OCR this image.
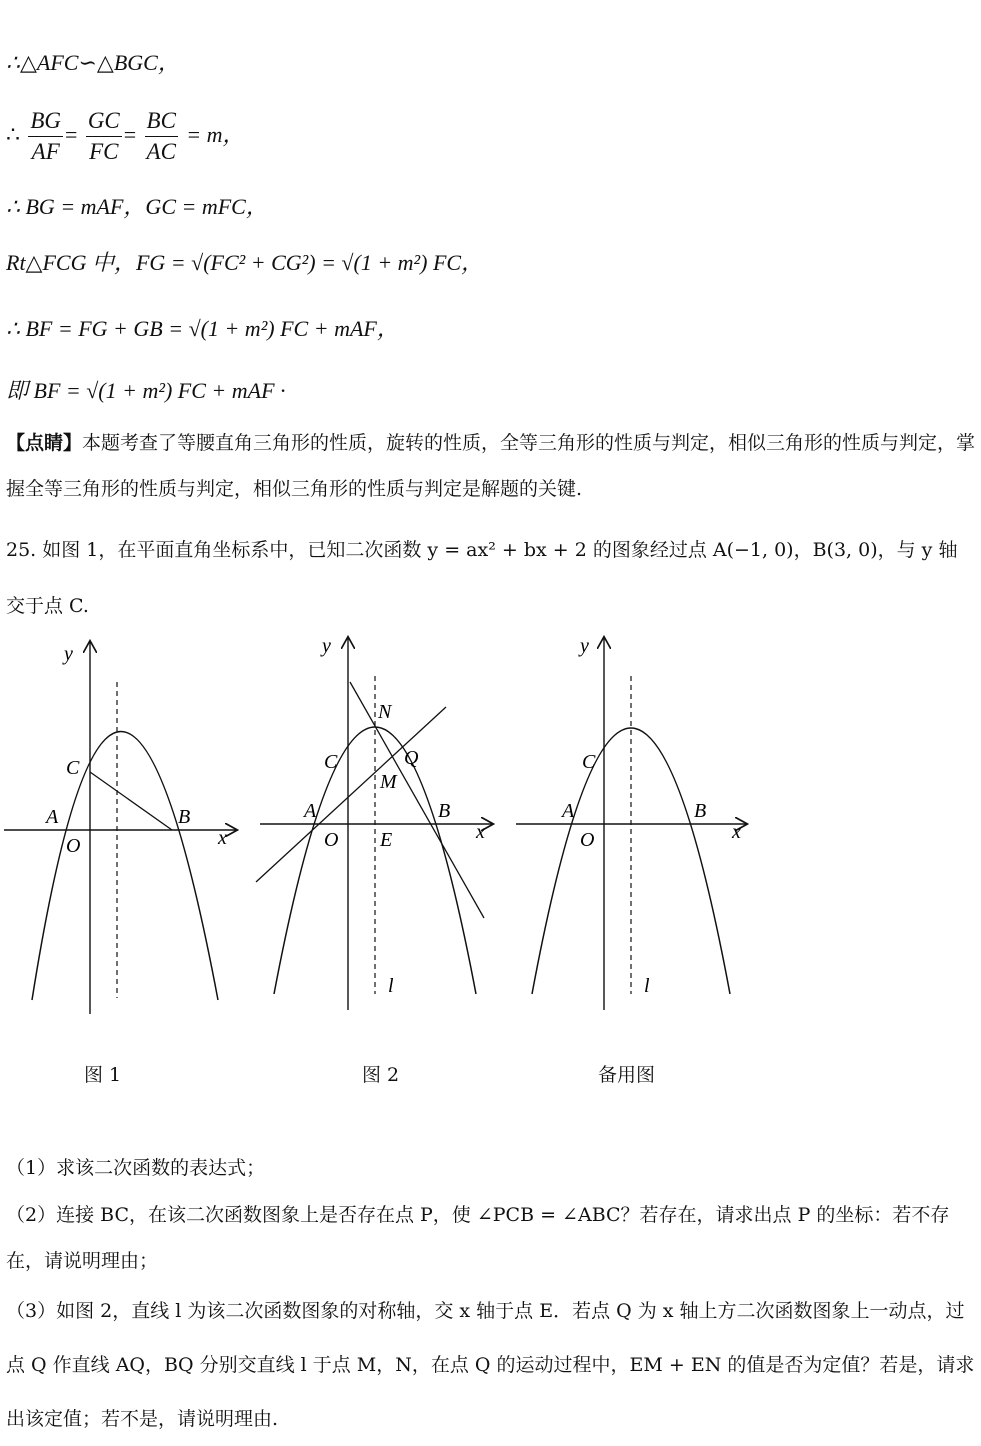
∴△AFC∽△BGC，
∴ $\frac{BG}{AF} = \frac{GC}{FC} = \frac{BC}{AC} = m$，
∴ BG = mAF，GC = mFC，
Rt△FCG 中，FG = √(FC² + CG²) = √(1 + m²) FC，
∴ BF = FG + GB = √(1 + m²) FC + mAF，
即 BF = √(1 + m²) FC + mAF ·
【点睛】本题考查了等腰直角三角形的性质，旋转的性质，全等三角形的性质与判定，相似三角形的性质与判定，掌握全等三角形的性质与判定，相似三角形的性质与判定是解题的关键.
25. 如图 1，在平面直角坐标系中，已知二次函数 y = ax² + bx + 2 的图象经过点 A(−1, 0)，B(3, 0)，与 y 轴交于点 C.
y
C
A	B
O	x
y
N
C	Q
M
A	B
O E	x
l
y
C
A	B
O	x
l
图 1	图 2	备用图
（1）求该二次函数的表达式；
（2）连接 BC，在该二次函数图象上是否存在点 P，使 ∠PCB = ∠ABC？若存在，请求出点 P 的坐标：若不存在，请说明理由；
（3）如图 2，直线 l 为该二次函数图象的对称轴，交 x 轴于点 E．若点 Q 为 x 轴上方二次函数图象上一动点，过点 Q 作直线 AQ，BQ 分别交直线 l 于点 M，N，在点 Q 的运动过程中，EM + EN 的值是否为定值？若是，请求出该定值；若不是，请说明理由.
